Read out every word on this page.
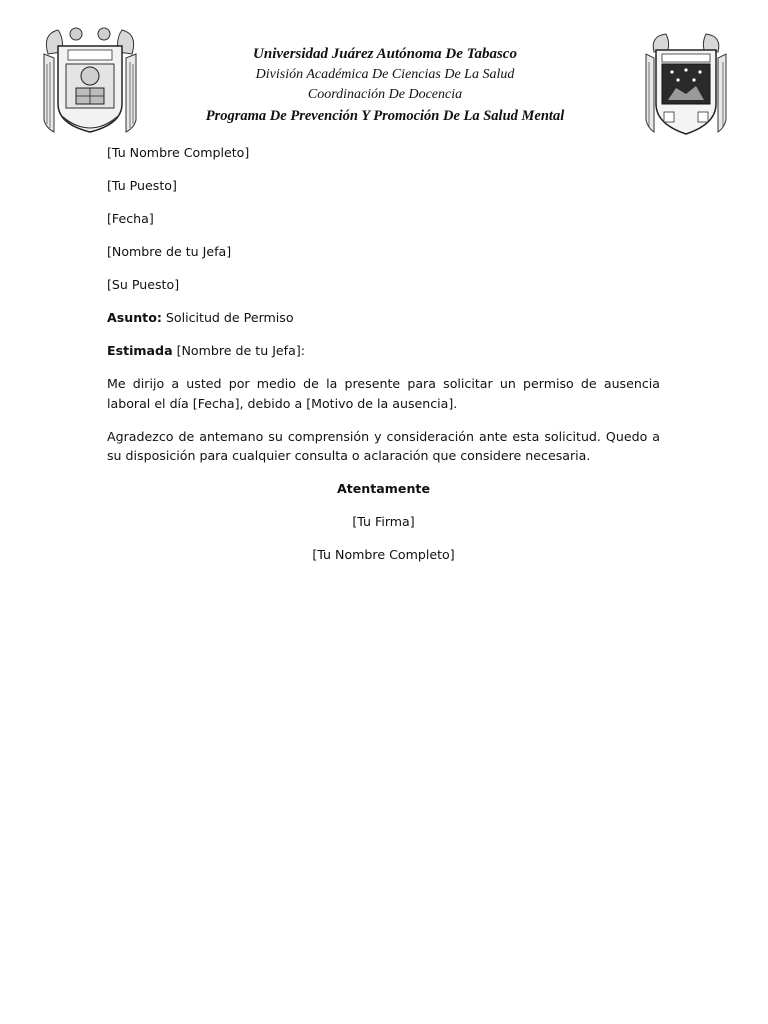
Universidad Juárez Autónoma De Tabasco
División Académica De Ciencias De La Salud
Coordinación De Docencia
Programa De Prevención Y Promoción De La Salud Mental

[Tu Nombre Completo]

[Tu Puesto]

[Fecha]

[Nombre de tu Jefa]

[Su Puesto]

Asunto: Solicitud de Permiso

Estimada [Nombre de tu Jefa]:

Me dirijo a usted por medio de la presente para solicitar un permiso de ausencia laboral el día [Fecha], debido a [Motivo de la ausencia].

Agradezco de antemano su comprensión y consideración ante esta solicitud. Quedo a su disposición para cualquier consulta o aclaración que considere necesaria.

Atentamente

[Tu Firma]

[Tu Nombre Completo]
